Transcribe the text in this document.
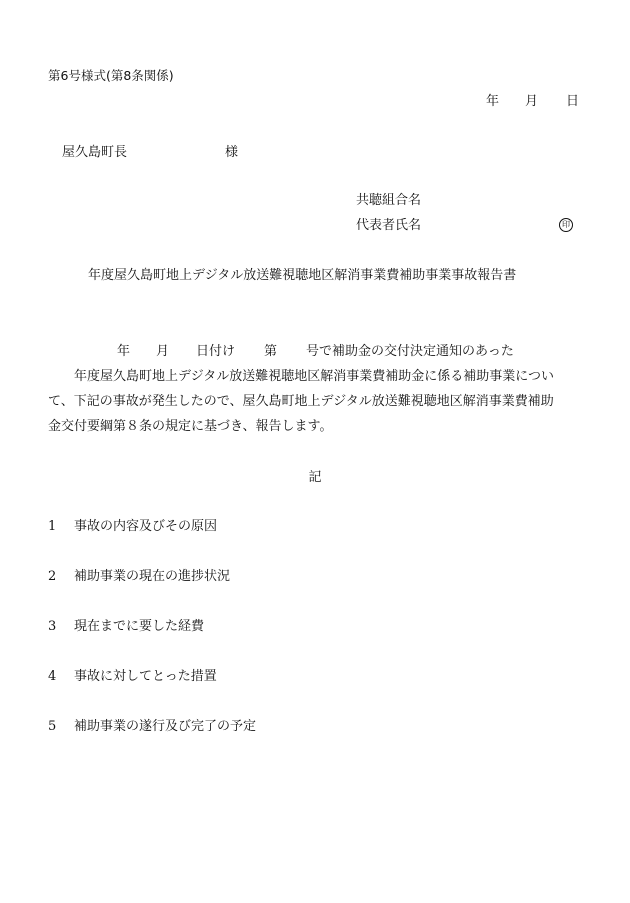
第6号様式(第8条関係)
年 月 日
屋久島町長	様
共聴組合名
代表者氏名	印
年度屋久島町地上デジタル放送難視聴地区解消事業費補助事業事故報告書
年 月 日付け 第 号で補助金の交付決定通知のあった
年度屋久島町地上デジタル放送難視聴地区解消事業費補助金に係る補助事業につい
て、下記の事故が発生したので、屋久島町地上デジタル放送難視聴地区解消事業費補助
金交付要綱第８条の規定に基づき、報告します。
記
1 事故の内容及びその原因
2 補助事業の現在の進捗状況
3 現在までに要した経費
4 事故に対してとった措置
5 補助事業の遂行及び完了の予定
